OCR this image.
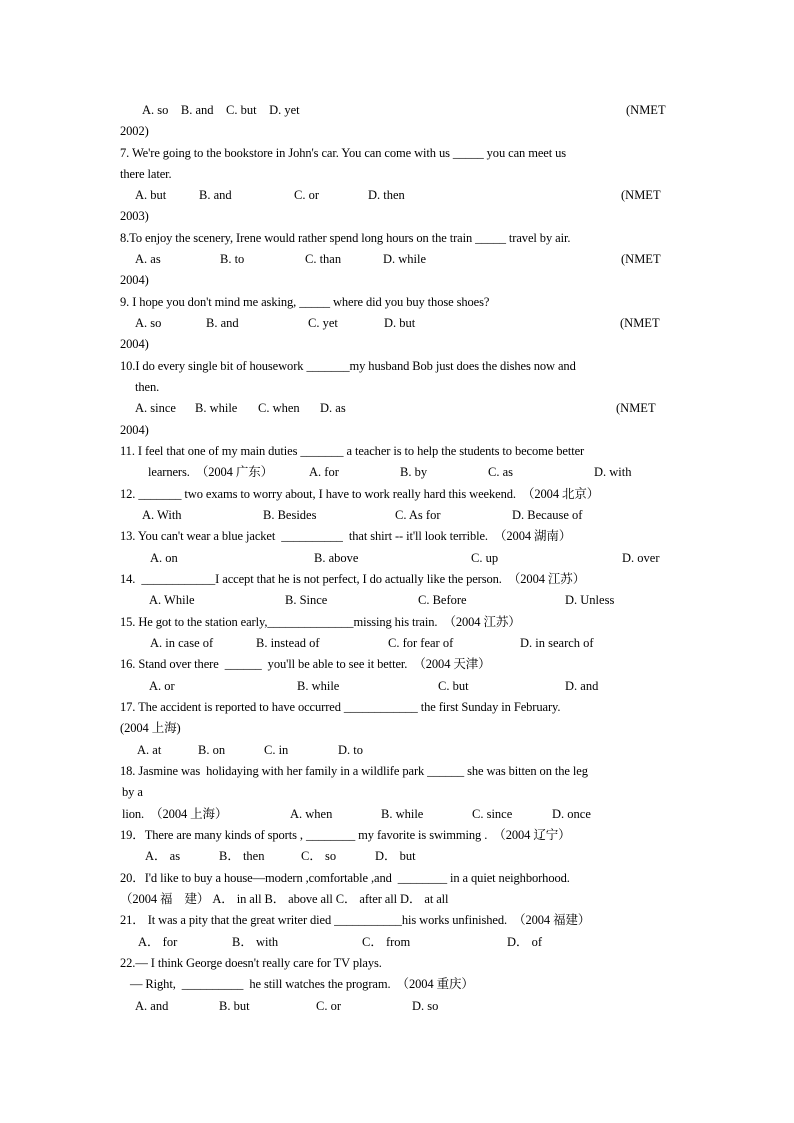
A. so    B. and    C. but    D. yet	(NMET
2002)
7. We're going to the bookstore in John's car. You can come with us _____ you can meet us
there later.
A. but	B. and	C. or	D. then	(NMET
2003)
8.To enjoy the scenery, Irene would rather spend long hours on the train _____ travel by air.
A. as	B. to	C. than	D. while	(NMET
2004)
9. I hope you don't mind me asking, _____ where did you buy those shoes?
A. so	B. and	C. yet	D. but	(NMET
2004)
10.I do every single bit of housework _______my husband Bob just does the dishes now and
then.
A. since B. while C. when D. as	(NMET
2004)
11. I feel that one of my main duties _______ a teacher is to help the students to become better
learners.  （2004 广东）	A. for	B. by	C. as	D. with
12. _______ two exams to worry about, I have to work really hard this weekend.  （2004 北京）
A. With	B. Besides	C. As for	D. Because of
13. You can't wear a blue jacket  __________  that shirt -- it'll look terrible.  （2004 湖南）
A. on	B. above	C. up	D. over
14.  ____________I accept that he is not perfect, I do actually like the person.  （2004 江苏）
A. While	B. Since	C. Before	D. Unless
15. He got to the station early,______________missing his train.  （2004 江苏）
A. in case of	B. instead of	C. for fear of	D. in search of
16. Stand over there  ______  you'll be able to see it better.  （2004 天津）
A. or	B. while	C. but	D. and
17. The accident is reported to have occurred ____________ the first Sunday in February.
(2004 上海)
A. at	B. on	C. in	D. to
18. Jasmine was  holidaying with her family in a wildlife park ______ she was bitten on the leg
by a
lion.  （2004 上海）	A. when	B. while	C. since	D. once
19．There are many kinds of sports , ________ my favorite is swimming .  （2004 辽宁）
A． as	B． then	C． so	D． but
20．I'd like to buy a house—modern ,comfortable ,and  ________ in a quiet neighborhood.
（2004 福    建） A． in all B． above all C． after all D． at all
21． It was a pity that the great writer died ___________his works unfinished.  （2004 福建）
A． for	B． with	C． from	D． of
22.— I think George doesn't really care for TV plays.
— Right,  __________  he still watches the program.  （2004 重庆）
A. and	B. but	C. or	D. so
